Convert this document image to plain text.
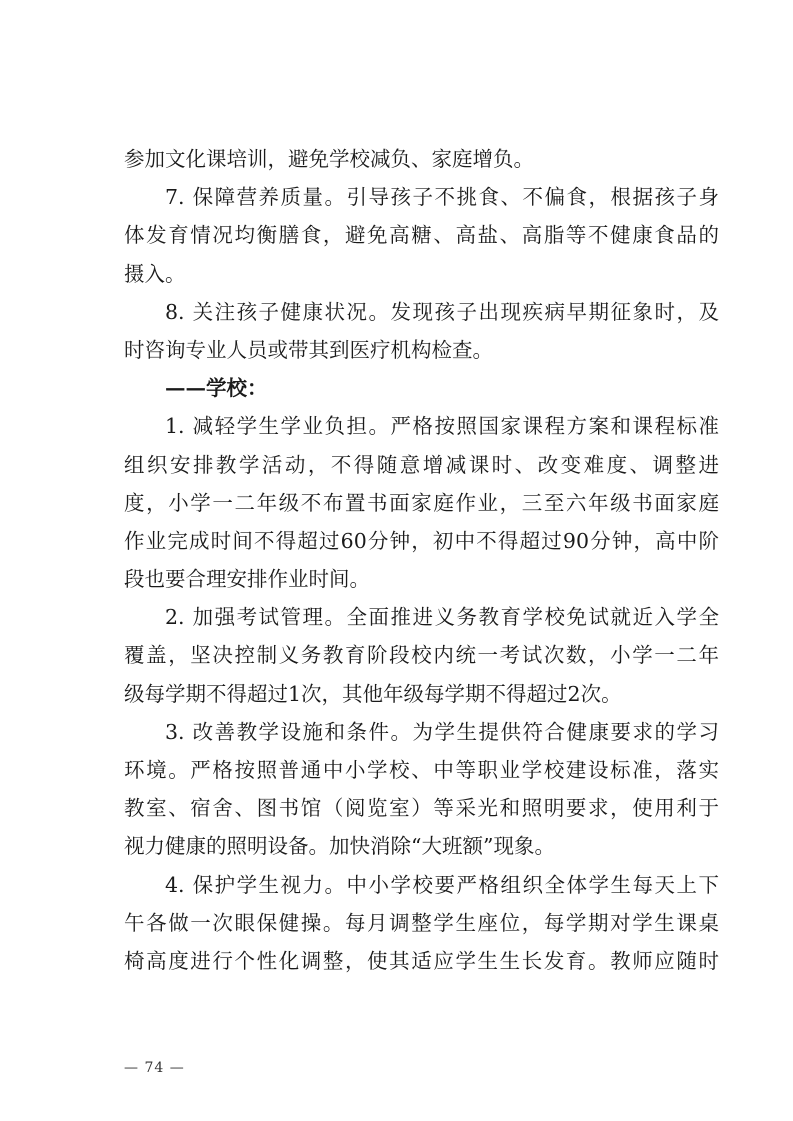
参加文化课培训，避免学校减负、家庭增负。
7. 保障营养质量。引导孩子不挑食、不偏食，根据孩子身
体发育情况均衡膳食，避免高糖、高盐、高脂等不健康食品的
摄入。
8. 关注孩子健康状况。发现孩子出现疾病早期征象时，及
时咨询专业人员或带其到医疗机构检查。
——学校：
1. 减轻学生学业负担。严格按照国家课程方案和课程标准
组织安排教学活动，不得随意增减课时、改变难度、调整进
度，小学一二年级不布置书面家庭作业，三至六年级书面家庭
作业完成时间不得超过60分钟，初中不得超过90分钟，高中阶
段也要合理安排作业时间。
2. 加强考试管理。全面推进义务教育学校免试就近入学全
覆盖，坚决控制义务教育阶段校内统一考试次数，小学一二年
级每学期不得超过1次，其他年级每学期不得超过2次。
3. 改善教学设施和条件。为学生提供符合健康要求的学习
环境。严格按照普通中小学校、中等职业学校建设标准，落实
教室、宿舍、图书馆（阅览室）等采光和照明要求，使用利于
视力健康的照明设备。加快消除“大班额”现象。
4. 保护学生视力。中小学校要严格组织全体学生每天上下
午各做一次眼保健操。每月调整学生座位，每学期对学生课桌
椅高度进行个性化调整，使其适应学生生长发育。教师应随时
— 74 —
